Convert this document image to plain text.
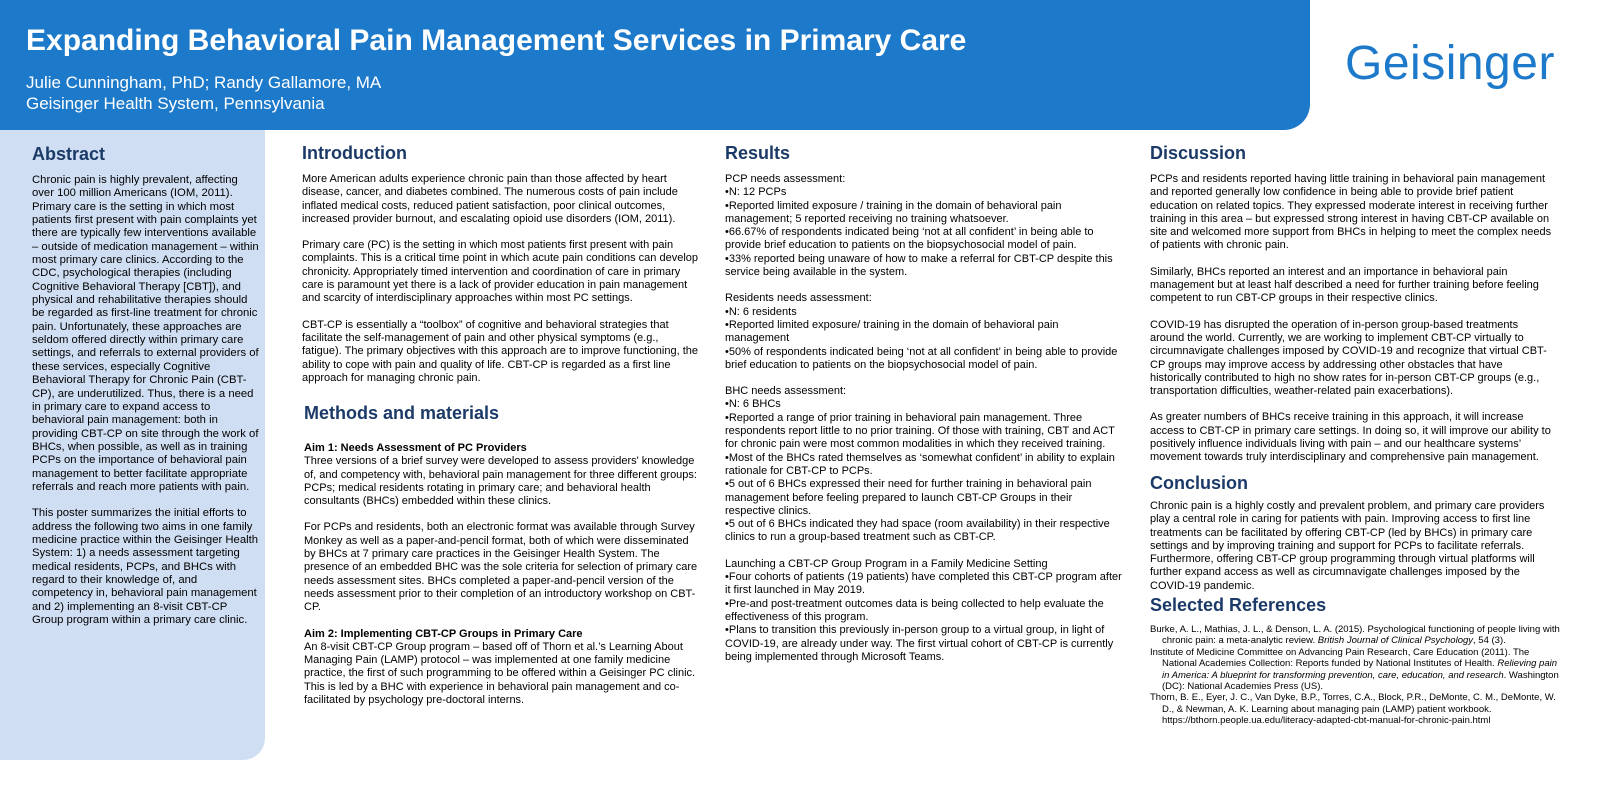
Expanding Behavioral Pain Management Services in Primary Care
Julie Cunningham, PhD; Randy Gallamore, MA
Geisinger Health System, Pennsylvania
Geisinger
Abstract
Chronic pain is highly prevalent, affecting over 100 million Americans (IOM, 2011). Primary care is the setting in which most patients first present with pain complaints yet there are typically few interventions available – outside of medication management – within most primary care clinics. According to the CDC, psychological therapies (including Cognitive Behavioral Therapy [CBT]), and physical and rehabilitative therapies should be regarded as first-line treatment for chronic pain. Unfortunately, these approaches are seldom offered directly within primary care settings, and referrals to external providers of these services, especially Cognitive Behavioral Therapy for Chronic Pain (CBT-CP), are underutilized. Thus, there is a need in primary care to expand access to behavioral pain management: both in providing CBT-CP on site through the work of BHCs, when possible, as well as in training PCPs on the importance of behavioral pain management to better facilitate appropriate referrals and reach more patients with pain.
This poster summarizes the initial efforts to address the following two aims in one family medicine practice within the Geisinger Health System: 1) a needs assessment targeting medical residents, PCPs, and BHCs with regard to their knowledge of, and competency in, behavioral pain management and 2) implementing an 8-visit CBT-CP Group program within a primary care clinic.
Introduction
More American adults experience chronic pain than those affected by heart disease, cancer, and diabetes combined. The numerous costs of pain include inflated medical costs, reduced patient satisfaction, poor clinical outcomes, increased provider burnout, and escalating opioid use disorders (IOM, 2011).
Primary care (PC) is the setting in which most patients first present with pain complaints. This is a critical time point in which acute pain conditions can develop chronicity. Appropriately timed intervention and coordination of care in primary care is paramount yet there is a lack of provider education in pain management and scarcity of interdisciplinary approaches within most PC settings.
CBT-CP is essentially a “toolbox” of cognitive and behavioral strategies that facilitate the self-management of pain and other physical symptoms (e.g., fatigue). The primary objectives with this approach are to improve functioning, the ability to cope with pain and quality of life. CBT-CP is regarded as a first line approach for managing chronic pain.
Methods and materials
Aim 1: Needs Assessment of PC Providers
Three versions of a brief survey were developed to assess providers' knowledge of, and competency with, behavioral pain management for three different groups: PCPs; medical residents rotating in primary care; and behavioral health consultants (BHCs) embedded within these clinics.
For PCPs and residents, both an electronic format was available through Survey Monkey as well as a paper-and-pencil format, both of which were disseminated by BHCs at 7 primary care practices in the Geisinger Health System. The presence of an embedded BHC was the sole criteria for selection of primary care needs assessment sites. BHCs completed a paper-and-pencil version of the needs assessment prior to their completion of an introductory workshop on CBT-CP.
Aim 2: Implementing CBT-CP Groups in Primary Care
An 8-visit CBT-CP Group program – based off of Thorn et al.’s Learning About Managing Pain (LAMP) protocol – was implemented at one family medicine practice, the first of such programming to be offered within a Geisinger PC clinic. This is led by a BHC with experience in behavioral pain management and co-facilitated by psychology pre-doctoral interns.
Results
PCP needs assessment:
•N: 12 PCPs
•Reported limited exposure / training in the domain of behavioral pain management; 5 reported receiving no training whatsoever.
•66.67% of respondents indicated being ‘not at all confident’ in being able to provide brief education to patients on the biopsychosocial model of pain.
•33% reported being unaware of how to make a referral for CBT-CP despite this service being available in the system.
Residents needs assessment:
•N: 6 residents
•Reported limited exposure/ training in the domain of behavioral pain management
•50% of respondents indicated being ‘not at all confident’ in being able to provide brief education to patients on the biopsychosocial model of pain.
BHC needs assessment:
•N: 6 BHCs
•Reported a range of prior training in behavioral pain management. Three respondents report little to no prior training. Of those with training, CBT and ACT for chronic pain were most common modalities in which they received training.
•Most of the BHCs rated themselves as ‘somewhat confident’ in ability to explain rationale for CBT-CP to PCPs.
•5 out of 6 BHCs expressed their need for further training in behavioral pain management before feeling prepared to launch CBT-CP Groups in their respective clinics.
•5 out of 6 BHCs indicated they had space (room availability) in their respective clinics to run a group-based treatment such as CBT-CP.
Launching a CBT-CP Group Program in a Family Medicine Setting
•Four cohorts of patients (19 patients) have completed this CBT-CP program after it first launched in May 2019.
•Pre-and post-treatment outcomes data is being collected to help evaluate the effectiveness of this program.
•Plans to transition this previously in-person group to a virtual group, in light of COVID-19, are already under way. The first virtual cohort of CBT-CP is currently being implemented through Microsoft Teams.
Discussion
PCPs and residents reported having little training in behavioral pain management and reported generally low confidence in being able to provide brief patient education on related topics. They expressed moderate interest in receiving further training in this area – but expressed strong interest in having CBT-CP available on site and welcomed more support from BHCs in helping to meet the complex needs of patients with chronic pain.
Similarly, BHCs reported an interest and an importance in behavioral pain management but at least half described a need for further training before feeling competent to run CBT-CP groups in their respective clinics.
COVID-19 has disrupted the operation of in-person group-based treatments around the world. Currently, we are working to implement CBT-CP virtually to circumnavigate challenges imposed by COVID-19 and recognize that virtual CBT-CP groups may improve access by addressing other obstacles that have historically contributed to high no show rates for in-person CBT-CP groups (e.g., transportation difficulties, weather-related pain exacerbations).
As greater numbers of BHCs receive training in this approach, it will increase access to CBT-CP in primary care settings. In doing so, it will improve our ability to positively influence individuals living with pain – and our healthcare systems’ movement towards truly interdisciplinary and comprehensive pain management.
Conclusion
Chronic pain is a highly costly and prevalent problem, and primary care providers play a central role in caring for patients with pain. Improving access to first line treatments can be facilitated by offering CBT-CP (led by BHCs) in primary care settings and by improving training and support for PCPs to facilitate referrals. Furthermore, offering CBT-CP group programming through virtual platforms will further expand access as well as circumnavigate challenges imposed by the COVID-19 pandemic.
Selected References

Burke, A. L., Mathias, J. L., & Denson, L. A. (2015). Psychological functioning of people living with chronic pain: a meta-analytic review. British Journal of Clinical Psychology, 54 (3).

Institute of Medicine Committee on Advancing Pain Research, Care Education (2011). The National Academies Collection: Reports funded by National Institutes of Health. Relieving pain in America: A blueprint for transforming prevention, care, education, and research. Washington (DC): National Academies Press (US).

Thorn, B. E., Eyer, J. C., Van Dyke, B.P., Torres, C.A., Block, P.R., DeMonte, C. M., DeMonte, W. D., & Newman, A. K. Learning about managing pain (LAMP) patient workbook. https://bthorn.people.ua.edu/literacy-adapted-cbt-manual-for-chronic-pain.html
